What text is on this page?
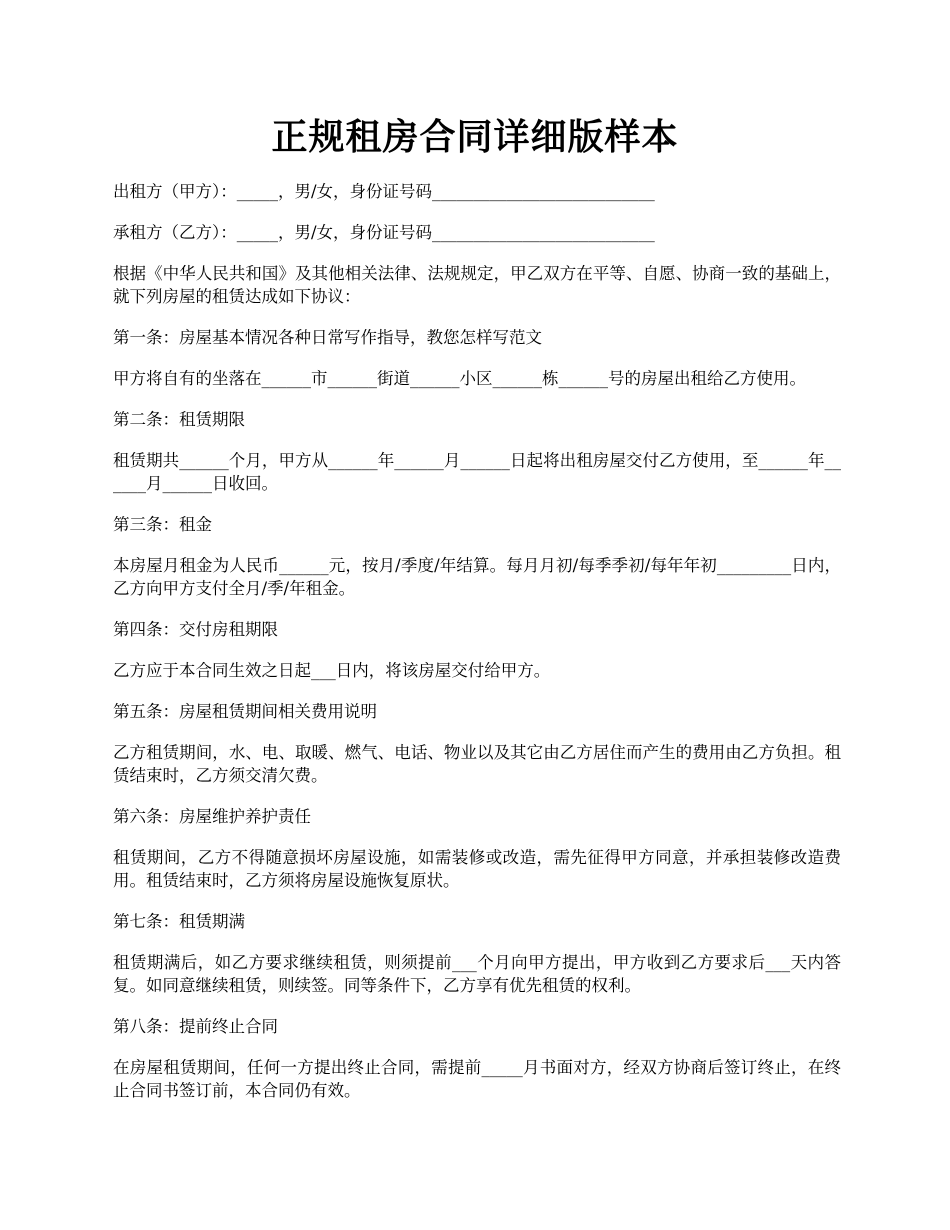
正规租房合同详细版样本

出租方（甲方）：_____，男/女，身份证号码___________________________

承租方（乙方）：_____，男/女，身份证号码___________________________

根据《中华人民共和国》及其他相关法律、法规规定，甲乙双方在平等、自愿、协商一致的基础上，就下列房屋的租赁达成如下协议：

第一条：房屋基本情况各种日常写作指导，教您怎样写范文

甲方将自有的坐落在______市______街道______小区______栋______号的房屋出租给乙方使用。

第二条：租赁期限

租赁期共______个月，甲方从______年______月______日起将出租房屋交付乙方使用，至______年______月______日收回。

第三条：租金

本房屋月租金为人民币______元，按月/季度/年结算。每月月初/每季季初/每年年初_________日内，乙方向甲方支付全月/季/年租金。

第四条：交付房租期限

乙方应于本合同生效之日起___日内，将该房屋交付给甲方。

第五条：房屋租赁期间相关费用说明

乙方租赁期间，水、电、取暖、燃气、电话、物业以及其它由乙方居住而产生的费用由乙方负担。租赁结束时，乙方须交清欠费。

第六条：房屋维护养护责任

租赁期间，乙方不得随意损坏房屋设施，如需装修或改造，需先征得甲方同意，并承担装修改造费用。租赁结束时，乙方须将房屋设施恢复原状。

第七条：租赁期满

租赁期满后，如乙方要求继续租赁，则须提前___个月向甲方提出，甲方收到乙方要求后___天内答复。如同意继续租赁，则续签。同等条件下，乙方享有优先租赁的权利。

第八条：提前终止合同

在房屋租赁期间，任何一方提出终止合同，需提前_____月书面对方，经双方协商后签订终止，在终止合同书签订前，本合同仍有效。
